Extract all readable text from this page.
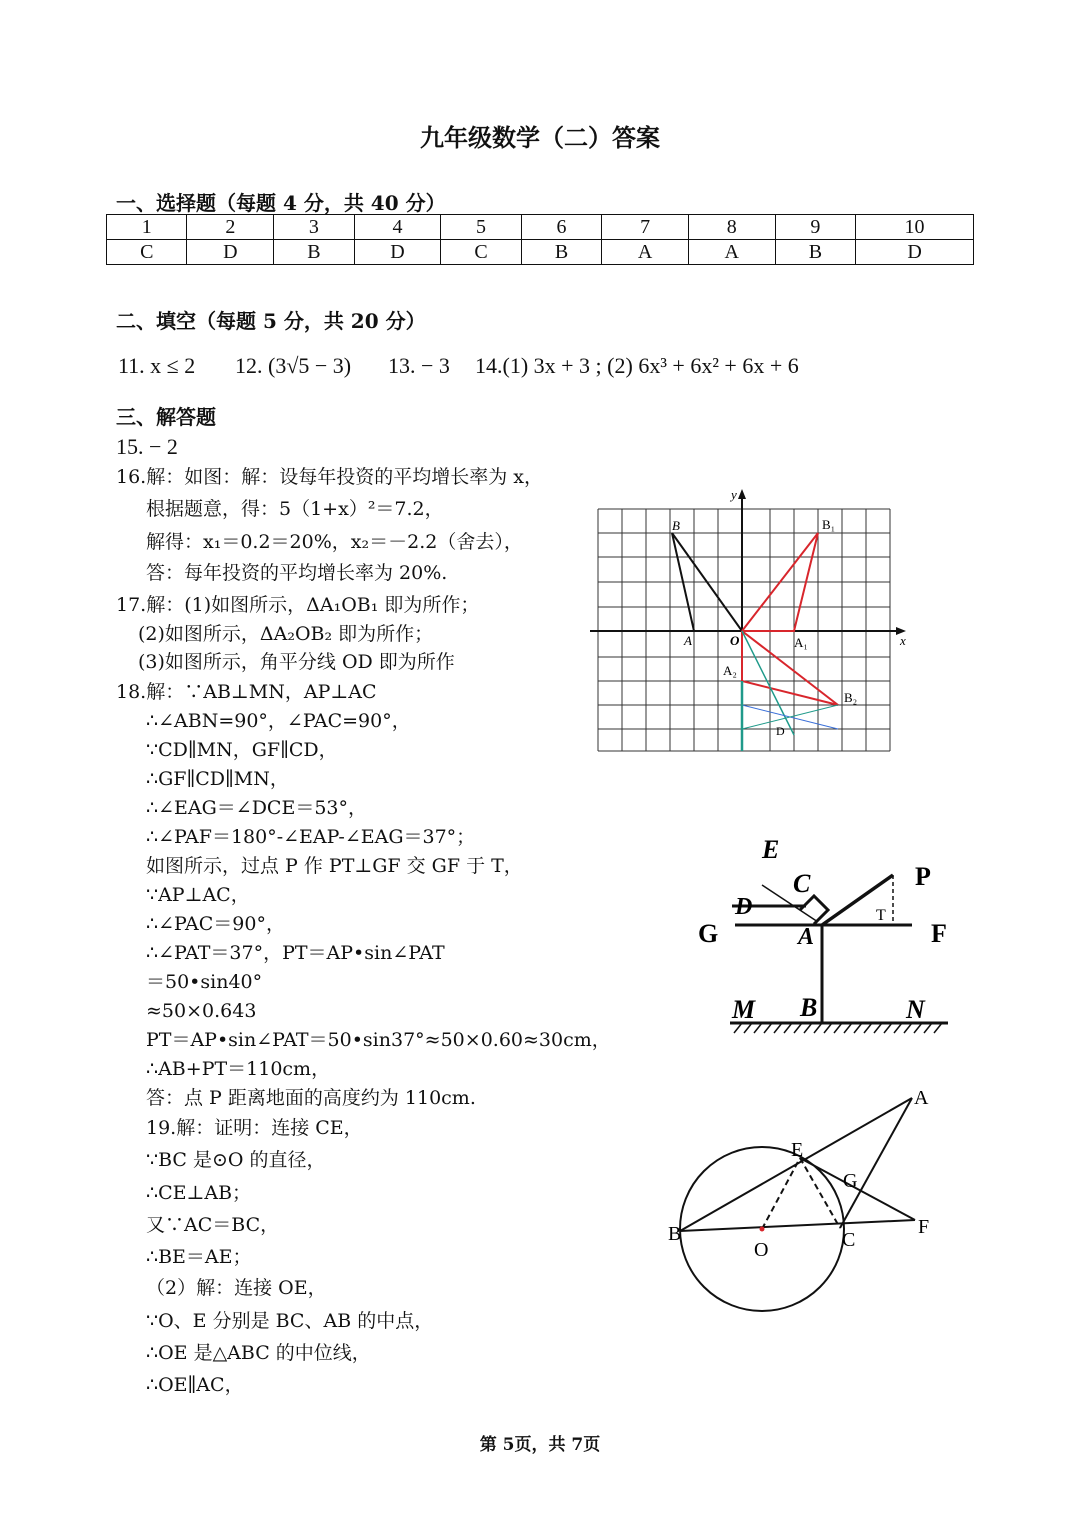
九年级数学（二）答案
一、选择题（每题 4 分，共 40 分）
1	2	3	4	5	6	7	8	9	10
C	D	B	D	C	B	A	A	B	D
二、填空（每题 5 分，共 20 分）
11. x ≤ 2 12. (3√5 − 3) 13. − 3 14.(1) 3x + 3 ; (2) 6x³ + 6x² + 6x + 6
三、解答题
15. − 2
16.解：如图：解：设每年投资的平均增长率为 x，
根据题意，得：5（1+x）²＝7.2，
解得：x₁＝0.2＝20%，x₂＝－2.2（舍去），
答：每年投资的平均增长率为 20%.
17.解：(1)如图所示，ΔA₁OB₁ 即为所作；
(2)如图所示，ΔA₂OB₂ 即为所作；
(3)如图所示，角平分线 OD 即为所作
18.解：∵AB⊥MN，AP⊥AC
∴∠ABN=90°，∠PAC=90°，
∵CD∥MN，GF∥CD，
∴GF∥CD∥MN，
∴∠EAG＝∠DCE＝53°，
∴∠PAF＝180°-∠EAP-∠EAG＝37°；
如图所示，过点 P 作 PT⊥GF 交 GF 于 T，
∵AP⊥AC，
∴∠PAC＝90°，
∴∠PAT＝37°，PT＝AP•sin∠PAT
＝50•sin40°
≈50×0.643
PT＝AP•sin∠PAT＝50•sin37°≈50×0.60≈30cm，
∴AB+PT＝110cm，
答：点 P 距离地面的高度约为 110cm.
19.解：证明：连接 CE，
∵BC 是⊙O 的直径，
∴CE⊥AB；
又∵AC＝BC，
∴BE＝AE；
（2）解：连接 OE，
∵O、E 分别是 BC、AB 的中点，
∴OE 是△ABC 的中位线，
∴OE∥AC，
y
x
B
A	O
B₁
A₁
A₂
B₂
D
E
C
D
P
T
G	A	F
M B	N
A
E
G
B	F
O	C
第 5页，共 7页
